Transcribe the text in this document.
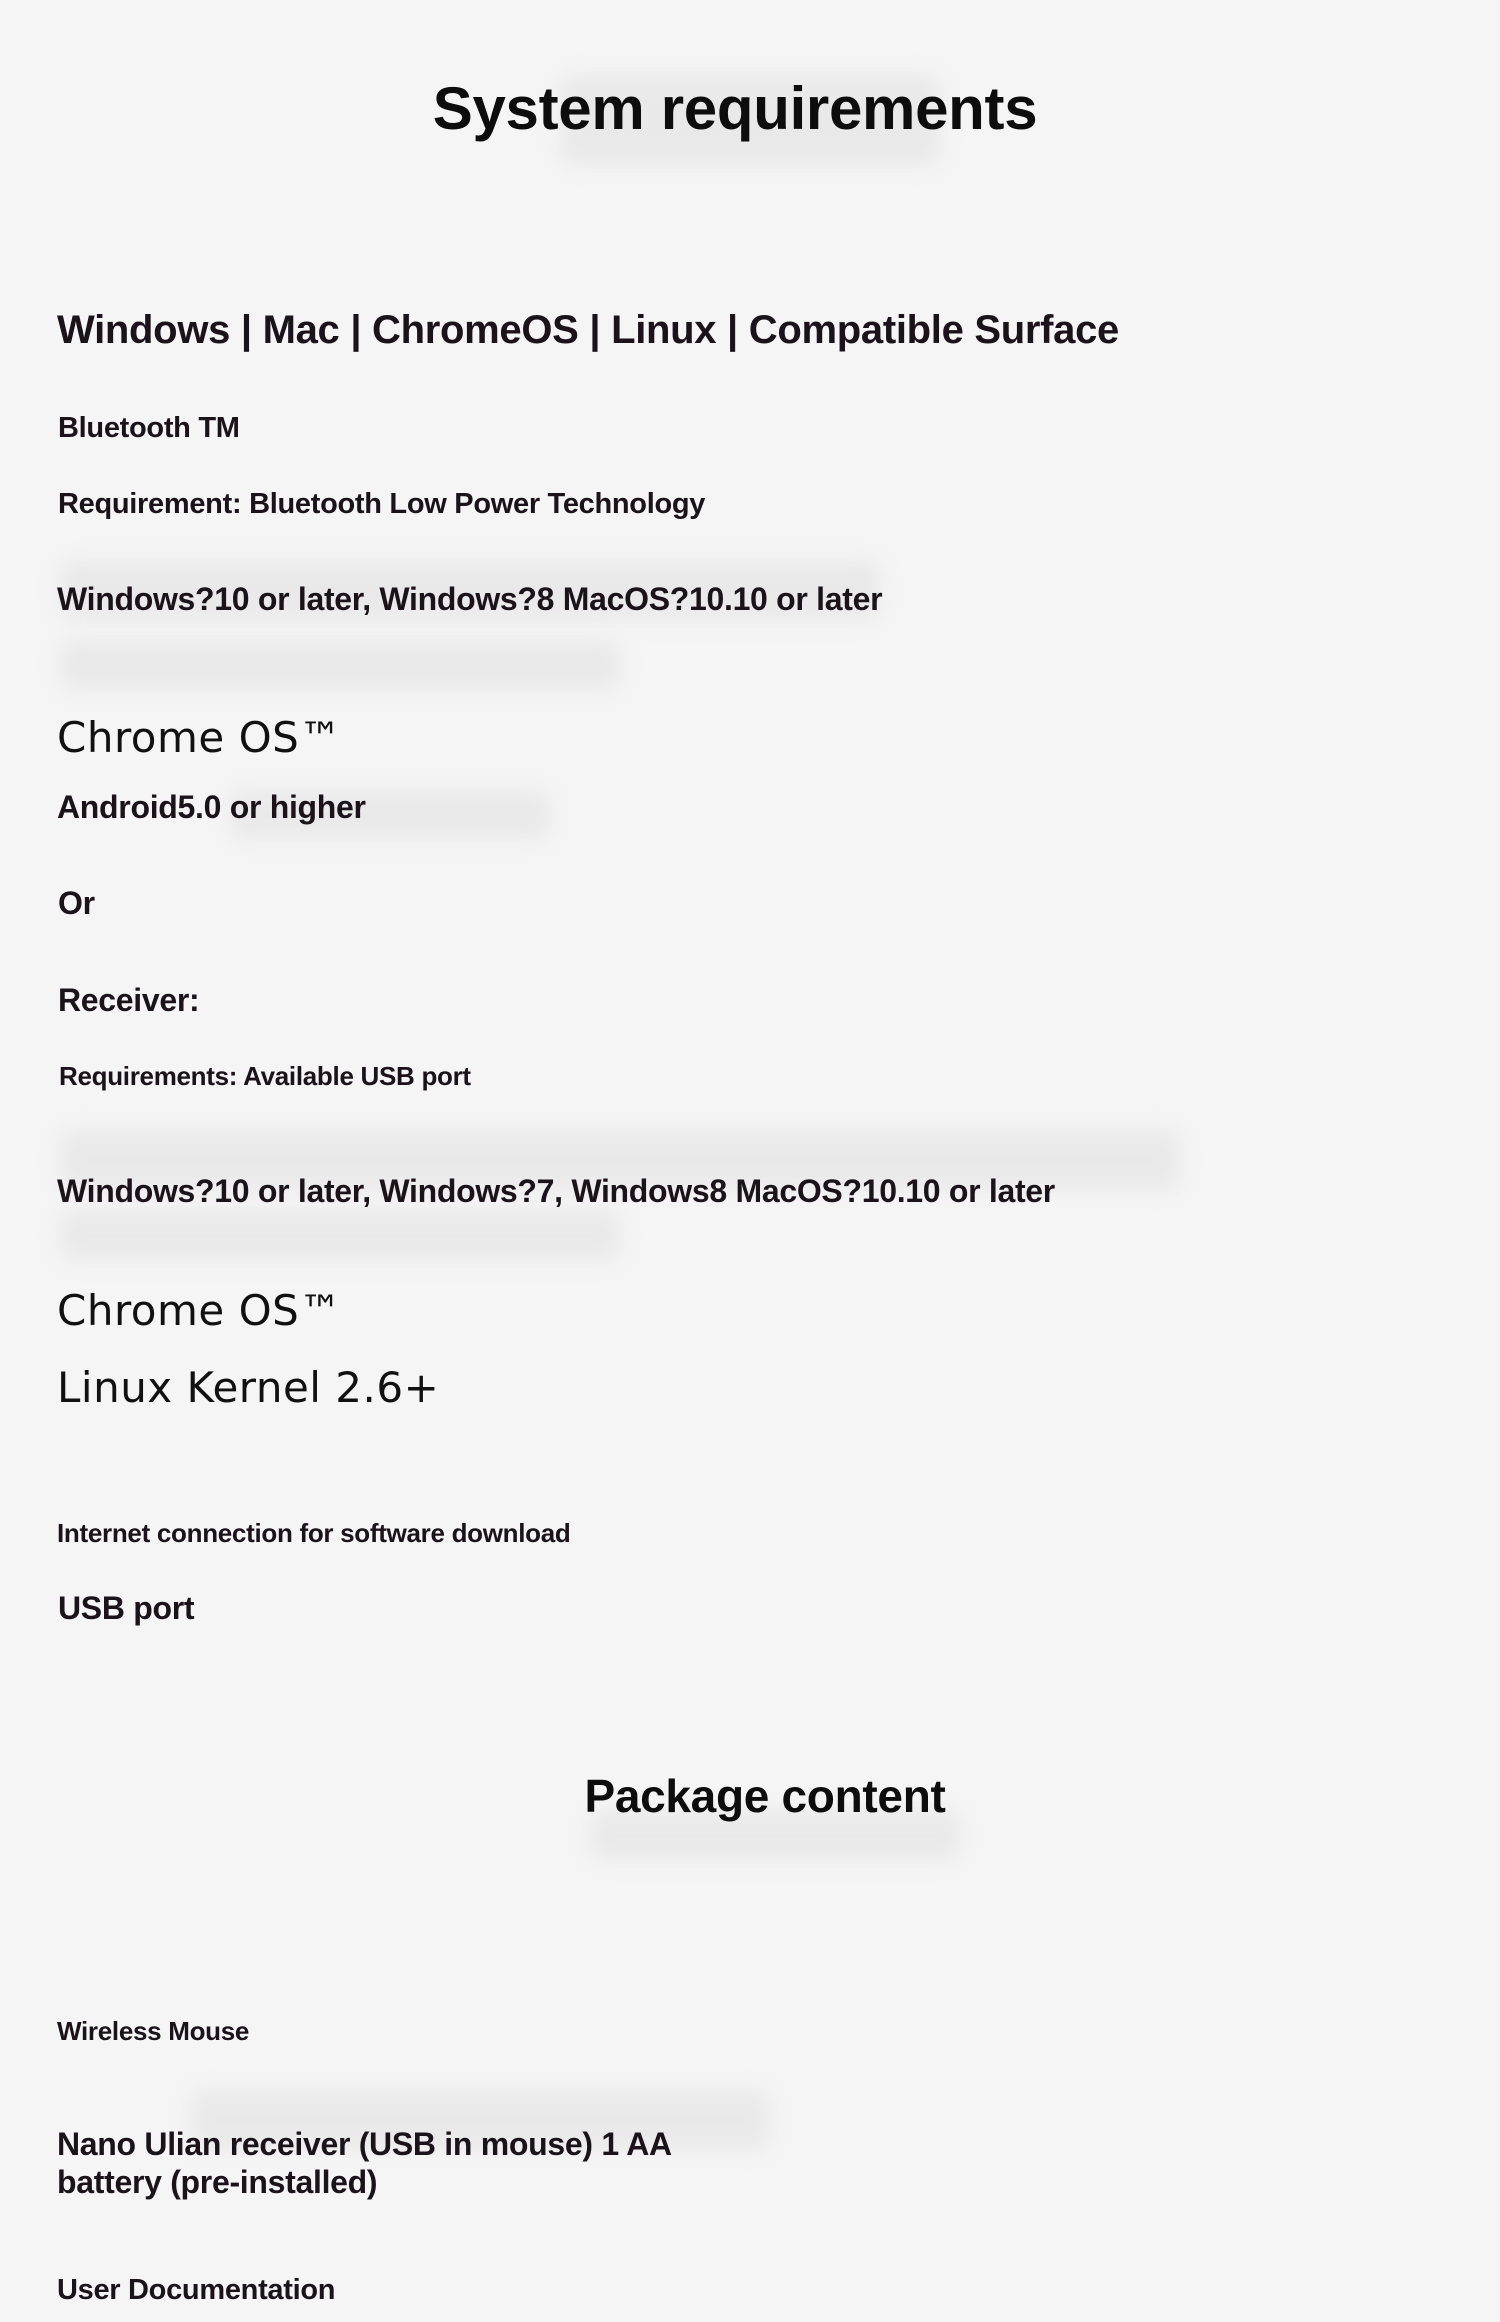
System requirements
Windows | Mac | ChromeOS | Linux | Compatible Surface
Bluetooth TM
Requirement: Bluetooth Low Power Technology
Windows?10 or later, Windows?8 MacOS?10.10 or later
Chrome OS™
Android5.0 or higher
Or
Receiver:
Requirements: Available USB port
Windows?10 or later, Windows?7, Windows8 MacOS?10.10 or later
Chrome OS™
Linux Kernel 2.6+
Internet connection for software download
USB port
Package content
Wireless Mouse
Nano Ulian receiver (USB in mouse) 1 AA battery (pre-installed)
User Documentation
